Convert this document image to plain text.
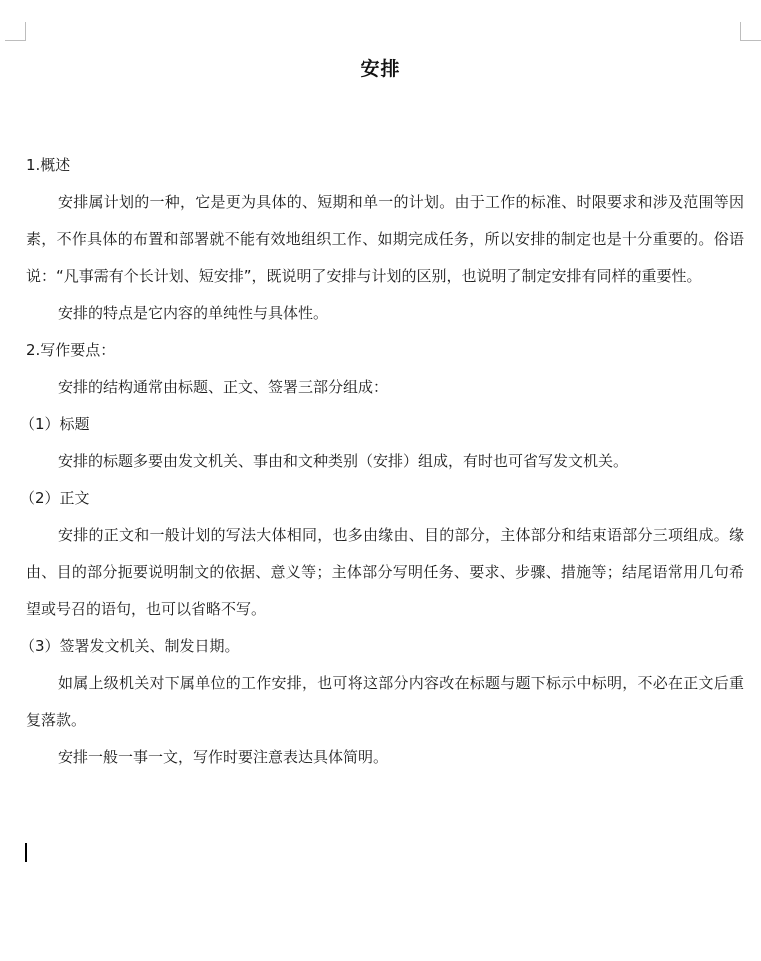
安排

1.概述

安排属计划的一种，它是更为具体的、短期和单一的计划。由于工作的标准、时限要求和涉及范围等因素，不作具体的布置和部署就不能有效地组织工作、如期完成任务，所以安排的制定也是十分重要的。俗语说：“凡事需有个长计划、短安排”，既说明了安排与计划的区别，也说明了制定安排有同样的重要性。

安排的特点是它内容的单纯性与具体性。

2.写作要点：

安排的结构通常由标题、正文、签署三部分组成：

（1）标题

安排的标题多要由发文机关、事由和文种类别（安排）组成，有时也可省写发文机关。

（2）正文

安排的正文和一般计划的写法大体相同，也多由缘由、目的部分，主体部分和结束语部分三项组成。缘由、目的部分扼要说明制文的依据、意义等；主体部分写明任务、要求、步骤、措施等；结尾语常用几句希望或号召的语句，也可以省略不写。

（3）签署发文机关、制发日期。

如属上级机关对下属单位的工作安排，也可将这部分内容改在标题与题下标示中标明，不必在正文后重复落款。

安排一般一事一文，写作时要注意表达具体简明。
